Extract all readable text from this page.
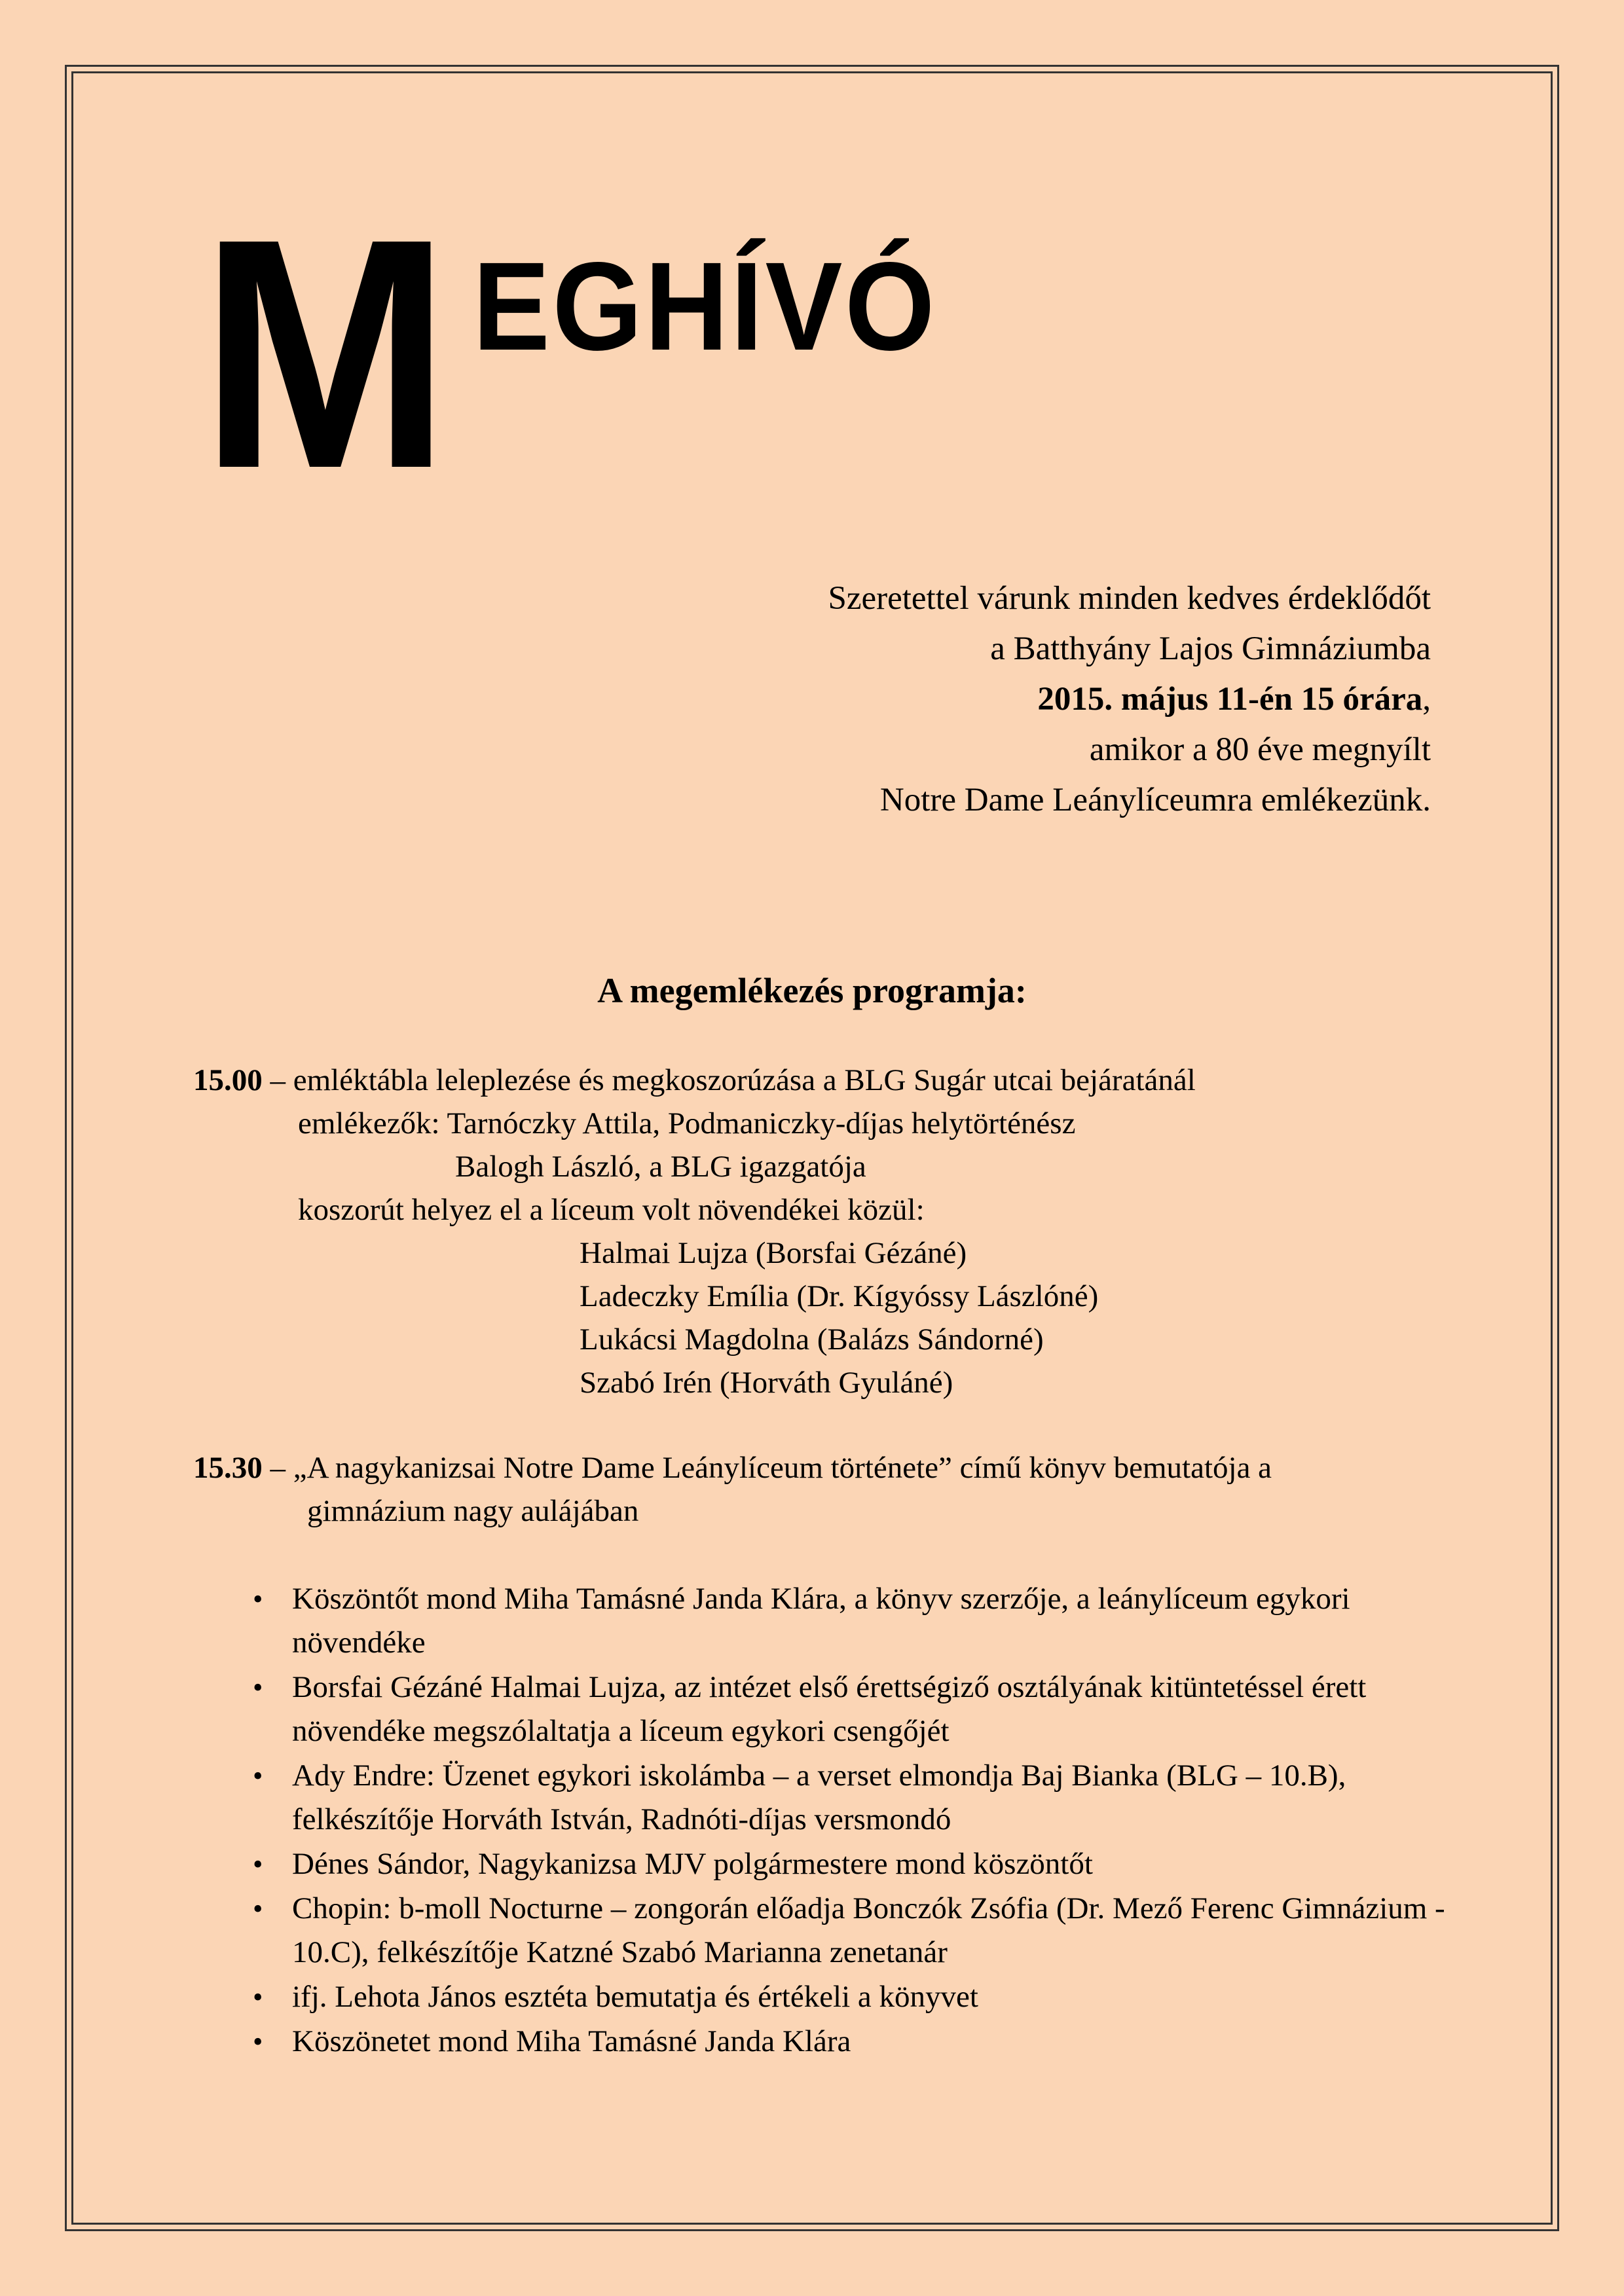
M EGHÍVÓ
Szeretettel várunk minden kedves érdeklődőt
a Batthyány Lajos Gimnáziumba
2015. május 11-én 15 órára,
amikor a 80 éve megnyílt
Notre Dame Leánylíceumra emlékezünk.
A megemlékezés programja:
15.00 – emléktábla leleplezése és megkoszorúzása a BLG Sugár utcai bejáratánál
emlékezők: Tarnóczky Attila, Podmaniczky-díjas helytörténész
Balogh László, a BLG igazgatója
koszorút helyez el a líceum volt növendékei közül:
Halmai Lujza (Borsfai Gézáné)
Ladeczky Emília (Dr. Kígyóssy Lászlóné)
Lukácsi Magdolna (Balázs Sándorné)
Szabó Irén (Horváth Gyuláné)
15.30 – „A nagykanizsai Notre Dame Leánylíceum története” című könyv bemutatója a
gimnázium nagy aulájában
• Köszöntőt mond Miha Tamásné Janda Klára, a könyv szerzője, a leánylíceum egykori növendéke
• Borsfai Gézáné Halmai Lujza, az intézet első érettségiző osztályának kitüntetéssel érett növendéke megszólaltatja a líceum egykori csengőjét
• Ady Endre: Üzenet egykori iskolámba – a verset elmondja Baj Bianka (BLG – 10.B), felkészítője Horváth István, Radnóti-díjas versmondó
• Dénes Sándor, Nagykanizsa MJV polgármestere mond köszöntőt
• Chopin: b-moll Nocturne – zongorán előadja Bonczók Zsófia (Dr. Mező Ferenc Gimnázium - 10.C), felkészítője Katzné Szabó Marianna zenetanár
• ifj. Lehota János esztéta bemutatja és értékeli a könyvet
• Köszönetet mond Miha Tamásné Janda Klára
